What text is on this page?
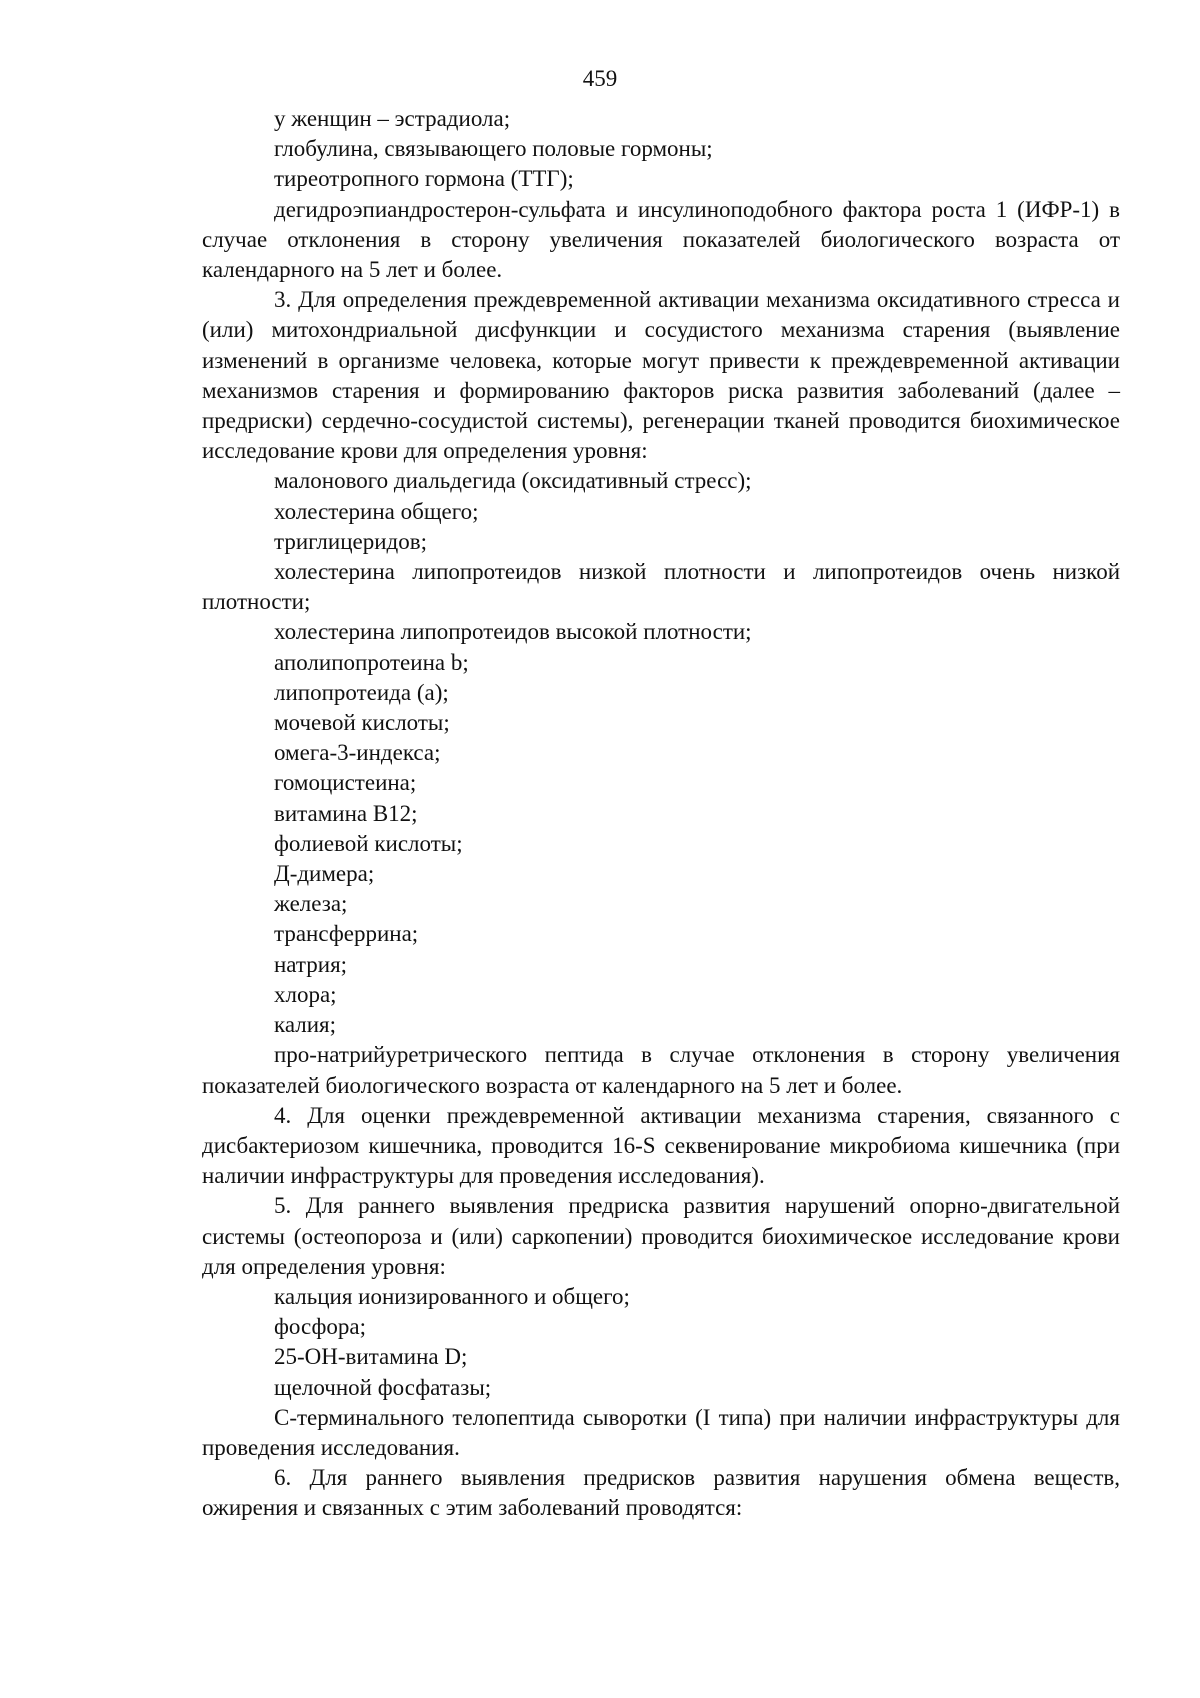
459

у женщин – эстрадиола;

глобулина, связывающего половые гормоны;

тиреотропного гормона (ТТГ);

дегидроэпиандростерон-сульфата и инсулиноподобного фактора роста 1 (ИФР-1) в случае отклонения в сторону увеличения показателей биологического возраста от календарного на 5 лет и более.

3. Для определения преждевременной активации механизма оксидативного стресса и (или) митохондриальной дисфункции и сосудистого механизма старения (выявление изменений в организме человека, которые могут привести к преждевременной активации механизмов старения и формированию факторов риска развития заболеваний (далее – предриски) сердечно-сосудистой системы), регенерации тканей проводится биохимическое исследование крови для определения уровня:

малонового диальдегида (оксидативный стресс);

холестерина общего;

триглицеридов;

холестерина липопротеидов низкой плотности и липопротеидов очень низкой плотности;

холестерина липопротеидов высокой плотности;

аполипопротеина b;

липопротеида (а);

мочевой кислоты;

омега-3-индекса;

гомоцистеина;

витамина В12;

фолиевой кислоты;

Д-димера;

железа;

трансферрина;

натрия;

хлора;

калия;

про-натрийуретрического пептида в случае отклонения в сторону увеличения показателей биологического возраста от календарного на 5 лет и более.

4. Для оценки преждевременной активации механизма старения, связанного с дисбактериозом кишечника, проводится 16-S секвенирование микробиома кишечника (при наличии инфраструктуры для проведения исследования).

5. Для раннего выявления предриска развития нарушений опорно-двигательной системы (остеопороза и (или) саркопении) проводится биохимическое исследование крови для определения уровня:

кальция ионизированного и общего;

фосфора;

25-ОН-витамина D;

щелочной фосфатазы;

С-терминального телопептида сыворотки (I типа) при наличии инфраструктуры для проведения исследования.

6. Для раннего выявления предрисков развития нарушения обмена веществ, ожирения и связанных с этим заболеваний проводятся:
